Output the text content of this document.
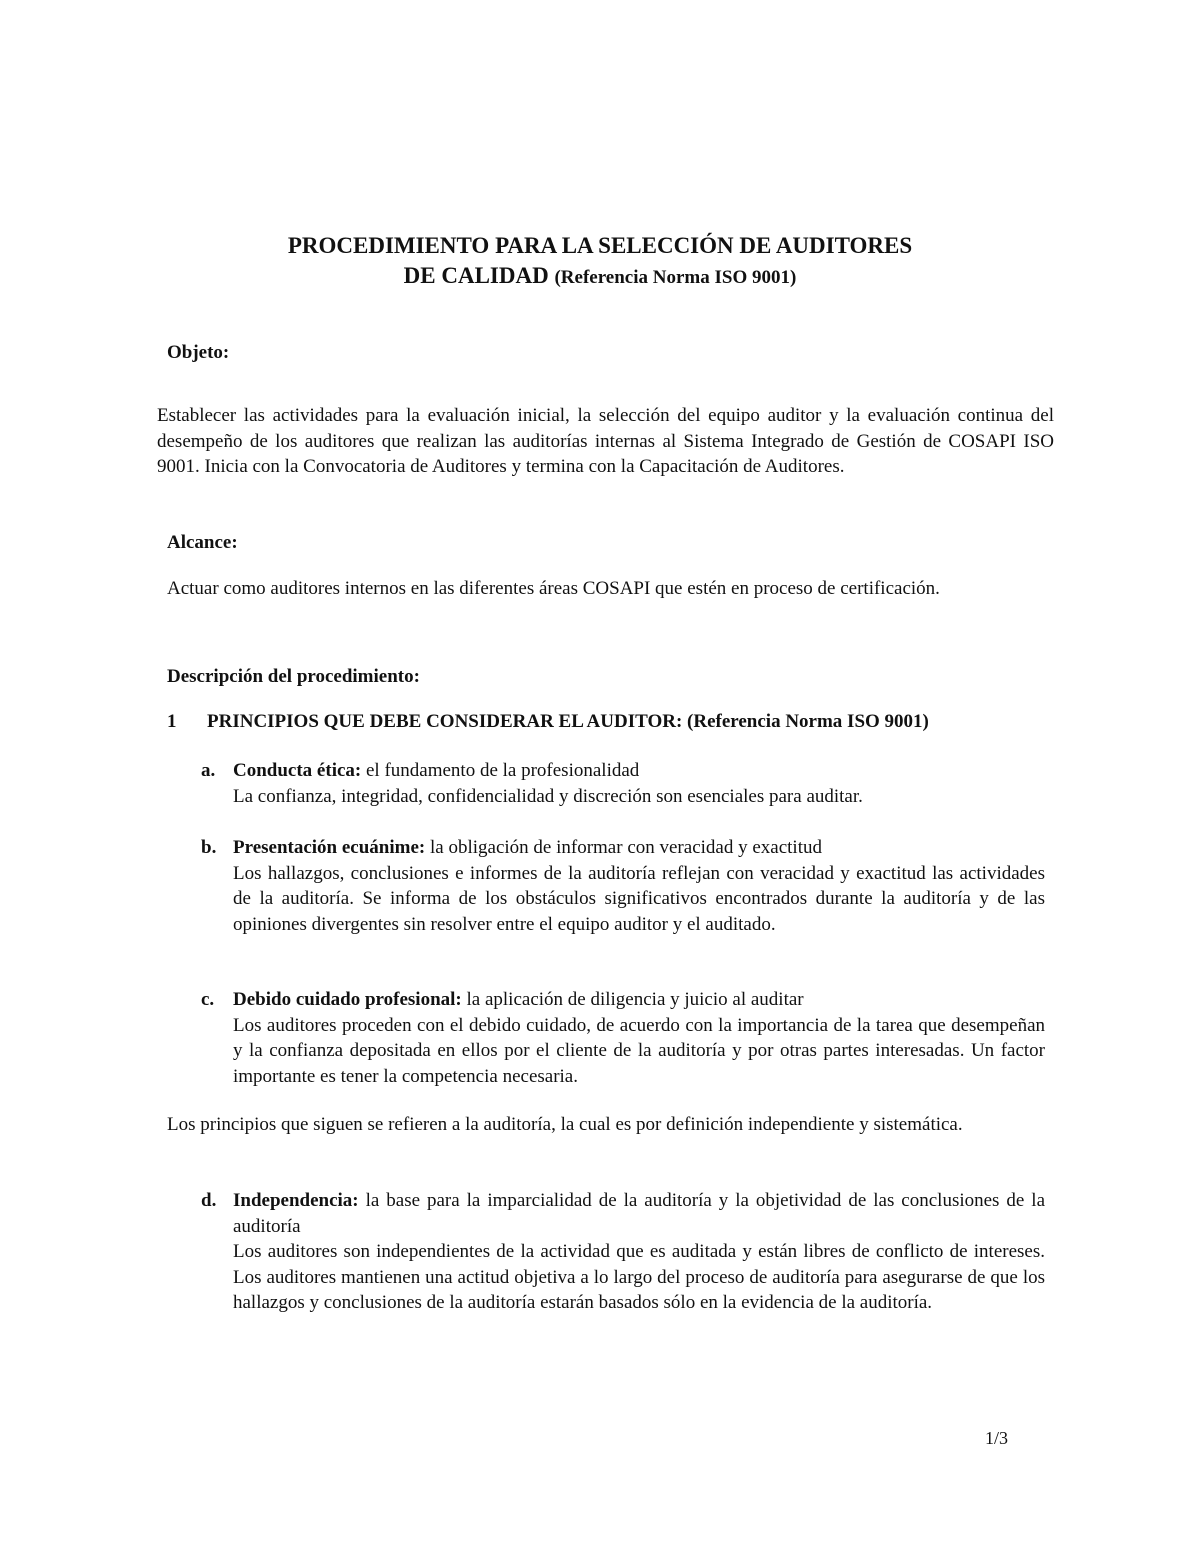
PROCEDIMIENTO PARA LA SELECCIÓN DE AUDITORES
DE CALIDAD (Referencia Norma ISO 9001)
Objeto:
Establecer las actividades para la evaluación inicial, la selección del equipo auditor y la evaluación continua del desempeño de los auditores que realizan las auditorías internas al Sistema Integrado de Gestión de COSAPI ISO 9001. Inicia con la Convocatoria de Auditores y termina con la Capacitación de Auditores.
Alcance:
Actuar como auditores internos en las diferentes áreas COSAPI que estén en proceso de certificación.
Descripción del procedimiento:
1 PRINCIPIOS QUE DEBE CONSIDERAR EL AUDITOR: (Referencia Norma ISO 9001)
a. Conducta ética: el fundamento de la profesionalidad
La confianza, integridad, confidencialidad y discreción son esenciales para auditar.
b. Presentación ecuánime: la obligación de informar con veracidad y exactitud
Los hallazgos, conclusiones e informes de la auditoría reflejan con veracidad y exactitud las actividades de la auditoría. Se informa de los obstáculos significativos encontrados durante la auditoría y de las opiniones divergentes sin resolver entre el equipo auditor y el auditado.
c. Debido cuidado profesional: la aplicación de diligencia y juicio al auditar
Los auditores proceden con el debido cuidado, de acuerdo con la importancia de la tarea que desempeñan y la confianza depositada en ellos por el cliente de la auditoría y por otras partes interesadas. Un factor importante es tener la competencia necesaria.
Los principios que siguen se refieren a la auditoría, la cual es por definición independiente y sistemática.
d. Independencia: la base para la imparcialidad de la auditoría y la objetividad de las conclusiones de la auditoría
Los auditores son independientes de la actividad que es auditada y están libres de conflicto de intereses. Los auditores mantienen una actitud objetiva a lo largo del proceso de auditoría para asegurarse de que los hallazgos y conclusiones de la auditoría estarán basados sólo en la evidencia de la auditoría.
1/3
